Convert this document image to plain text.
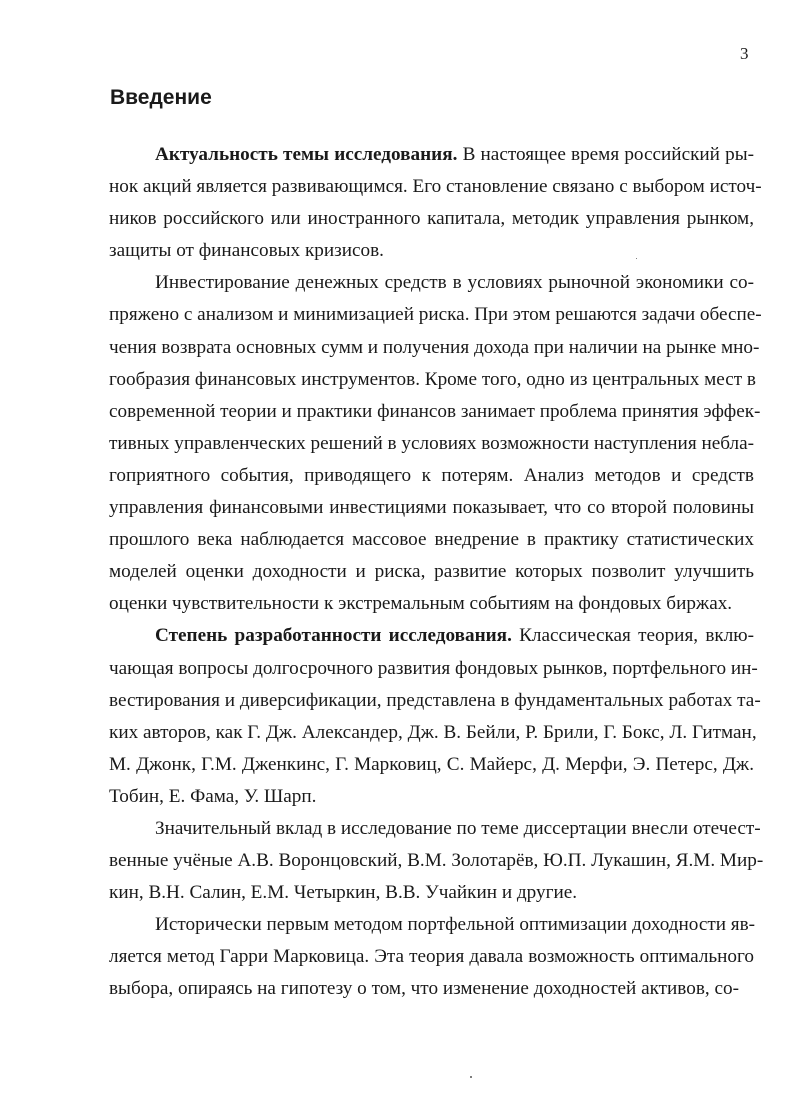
3
Введение
Актуальность темы исследования. В настоящее время российский ры-
нок акций является развивающимся. Его становление связано с выбором источ-
ников российского или иностранного капитала, методик управления рынком,
защиты от финансовых кризисов.
Инвестирование денежных средств в условиях рыночной экономики со-
пряжено с анализом и минимизацией риска. При этом решаются задачи обеспе-
чения возврата основных сумм и получения дохода при наличии на рынке мно-
гообразия финансовых инструментов. Кроме того, одно из центральных мест в
современной теории и практики финансов занимает проблема принятия эффек-
тивных управленческих решений в условиях возможности наступления небла-
гоприятного события, приводящего к потерям. Анализ методов и средств
управления финансовыми инвестициями показывает, что со второй половины
прошлого века наблюдается массовое внедрение в практику статистических
моделей оценки доходности и риска, развитие которых позволит улучшить
оценки чувствительности к экстремальным событиям на фондовых биржах.
Степень разработанности исследования. Классическая теория, вклю-
чающая вопросы долгосрочного развития фондовых рынков, портфельного ин-
вестирования и диверсификации, представлена в фундаментальных работах та-
ких авторов, как Г. Дж. Александер, Дж. В. Бейли, Р. Брили, Г. Бокс, Л. Гитман,
М. Джонк, Г.М. Дженкинс, Г. Марковиц, С. Майерс, Д. Мерфи, Э. Петерс, Дж.
Тобин, Е. Фама, У. Шарп.
Значительный вклад в исследование по теме диссертации внесли отечест-
венные учёные А.В. Воронцовский, В.М. Золотарёв, Ю.П. Лукашин, Я.М. Мир-
кин, В.Н. Салин, Е.М. Четыркин, В.В. Учайкин и другие.
Исторически первым методом портфельной оптимизации доходности яв-
ляется метод Гарри Марковица. Эта теория давала возможность оптимального
выбора, опираясь на гипотезу о том, что изменение доходностей активов, со-
